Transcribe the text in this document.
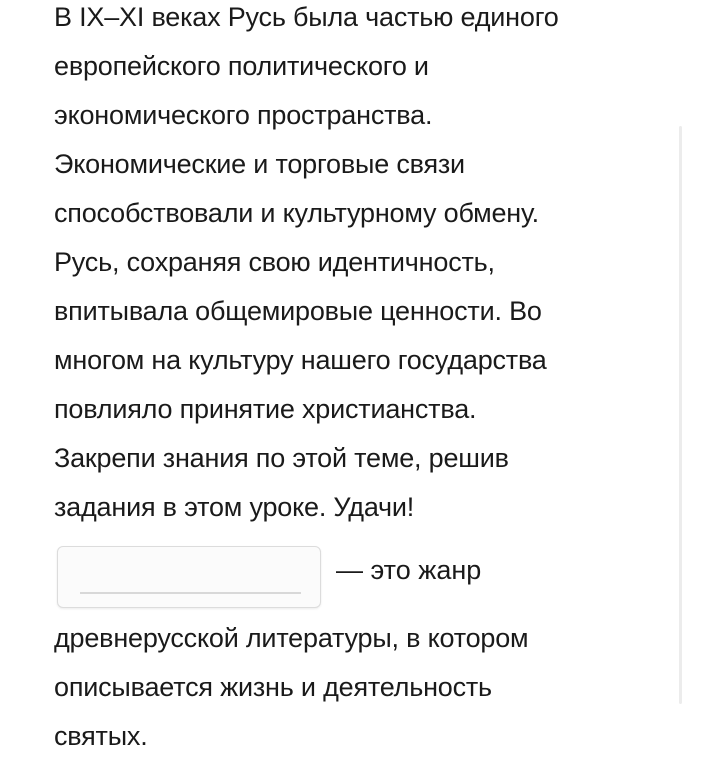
В IX–XI веках Русь была частью единого
европейского политического и
экономического пространства.
Экономические и торговые связи
способствовали и культурному обмену.
Русь, сохраняя свою идентичность,
впитывала общемировые ценности. Во
многом на культуру нашего государства
повлияло принятие христианства.
Закрепи знания по этой теме, решив
задания в этом уроке. Удачи!
— это жанр
древнерусской литературы, в котором
описывается жизнь и деятельность
святых.
